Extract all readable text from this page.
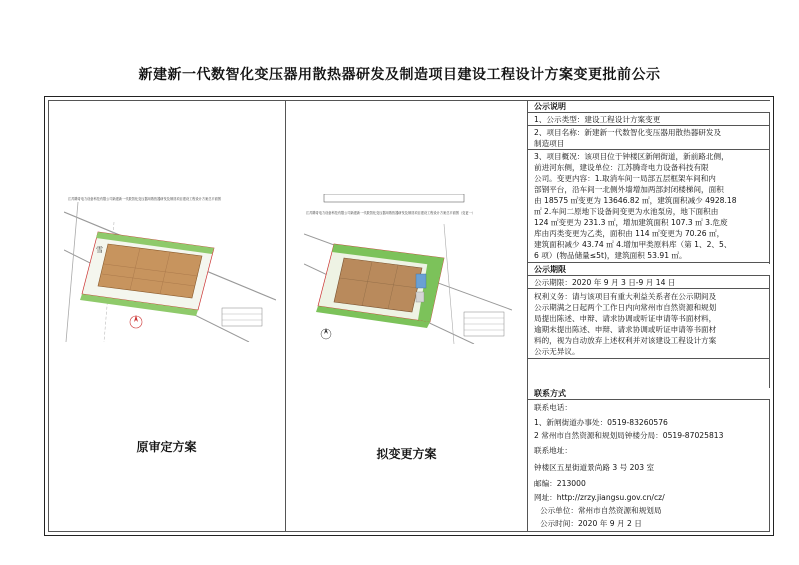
新建新一代数智化变压器用散热器研发及制造项目建设工程设计方案变更批前公示
江苏腾奇电力设备科技有限公司新建新一代数智化变压器用散热器研发及制造项目建设工程设计方案总平面图
雪
原审定方案
江苏腾奇电力设备科技有限公司新建新一代数智化变压器用散热器研发及制造项目建设工程设计方案总平面图（变更一）
拟变更方案
公示说明
1、公示类型：建设工程设计方案变更
2、项目名称：新建新一代数智化变压器用散热器研发及
制造项目
3、项目概况：该项目位于钟楼区新闸街道，新前路北侧，
前进河东侧，建设单位：江苏腾奇电力设备科技有限
公司。变更内容：1.取消车间一局部五层框架车间和内
部钢平台，沿车间一北侧外墙增加两部封闭楼梯间，面积
由 18575 ㎡变更为 13646.82 ㎡，建筑面积减少 4928.18
㎡ 2.车间二原地下设备间变更为水池泵房，地下面积由
124 ㎡变更为 231.3 ㎡，增加建筑面积 107.3 ㎡ 3.危废
库由丙类变更为乙类，面积由 114 ㎡变更为 70.26 ㎡，
建筑面积减少 43.74 ㎡ 4.增加甲类原料库（第 1、2、5、
6 项）(物品储量≤5t)，建筑面积 53.91 ㎡。
公示期限
公示期限：2020 年 9 月 3 日-9 月 14 日
权利义务：请与该项目有重大利益关系者在公示期间及
公示期满之日起两个工作日内向常州市自然资源和规划
局提出陈述、申辩、请求协调或听证申请等书面材料，
逾期未提出陈述、申辩、请求协调或听证申请等书面材
料的，视为自动放弃上述权利并对该建设工程设计方案
公示无异议。
联系方式
联系电话：
1、新闸街道办事处：0519-83260576
2 常州市自然资源和规划局钟楼分局：0519-87025813
联系地址：
钟楼区五星街道景尚路 3 号 203 室
邮编：213000
网址：http://zrzy.jiangsu.gov.cn/cz/
公示单位：常州市自然资源和规划局
公示时间：2020 年 9 月 2 日
